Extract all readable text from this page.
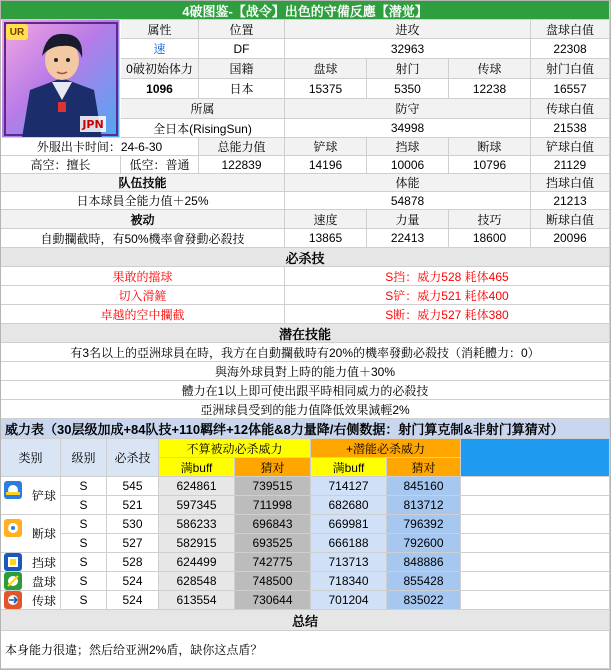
4破图鉴-【战令】出色的守備反應【潜觉】
JPN
UR	属性	位置	进攻	盘球白值
速	DF	32963	22308
0破初始体力	国籍	盘球	射门	传球	射门白值
1096	日本	15375	5350	12238	16557
所属	防守	传球白值
全日本(RisingSun)	34998	21538
外服出卡时间：24-6-30	总能力值	铲球	挡球	断球	铲球白值
高空：擅长	低空：普通	122839	14196	10006	10796	21129
队伍技能	体能	挡球白值
日本球員全能力值＋25%	54878	21213
被动	速度	力量	技巧	断球白值
自動攔截時，有50%機率會發動必殺技	13865	22413	18600	20096
必杀技
果敢的擋球	S挡：威力528 耗体465
切入滑鏟	S铲：威力521 耗体400
卓越的空中攔截	S断：威力527 耗体380
潜在技能
有3名以上的亞洲球員在時，我方在自動攔截時有20%的機率發動必殺技（消耗體力：0）
與海外球員對上時的能力值＋30%
體力在1以上即可使出跟平時相同威力的必殺技
亞洲球員受到的能力值降低效果減輕2%
威力表（30层级加成+84队技+110羁绊+12体能&8力量降/右侧数据：射门算克制&非射门算猜对）
类别	级别	必杀技
不算被动必杀威力	+潜能必杀威力
满buff	猜对	满buff	猜对
铲球
S	545	624861	739515	714127	845160
S	521	597345	711998	682680	813712
断球
S	530	586233	696843	669981	796392
S	527	582915	693525	666188	792600
挡球	S	528	624499	742775	713713	848886
盘球	S	524	628548	748500	718340	855428
传球	S	524	613554	730644	701204	835022
总结
本身能力很違；然后给亚洲2%盾，缺你这点盾？
